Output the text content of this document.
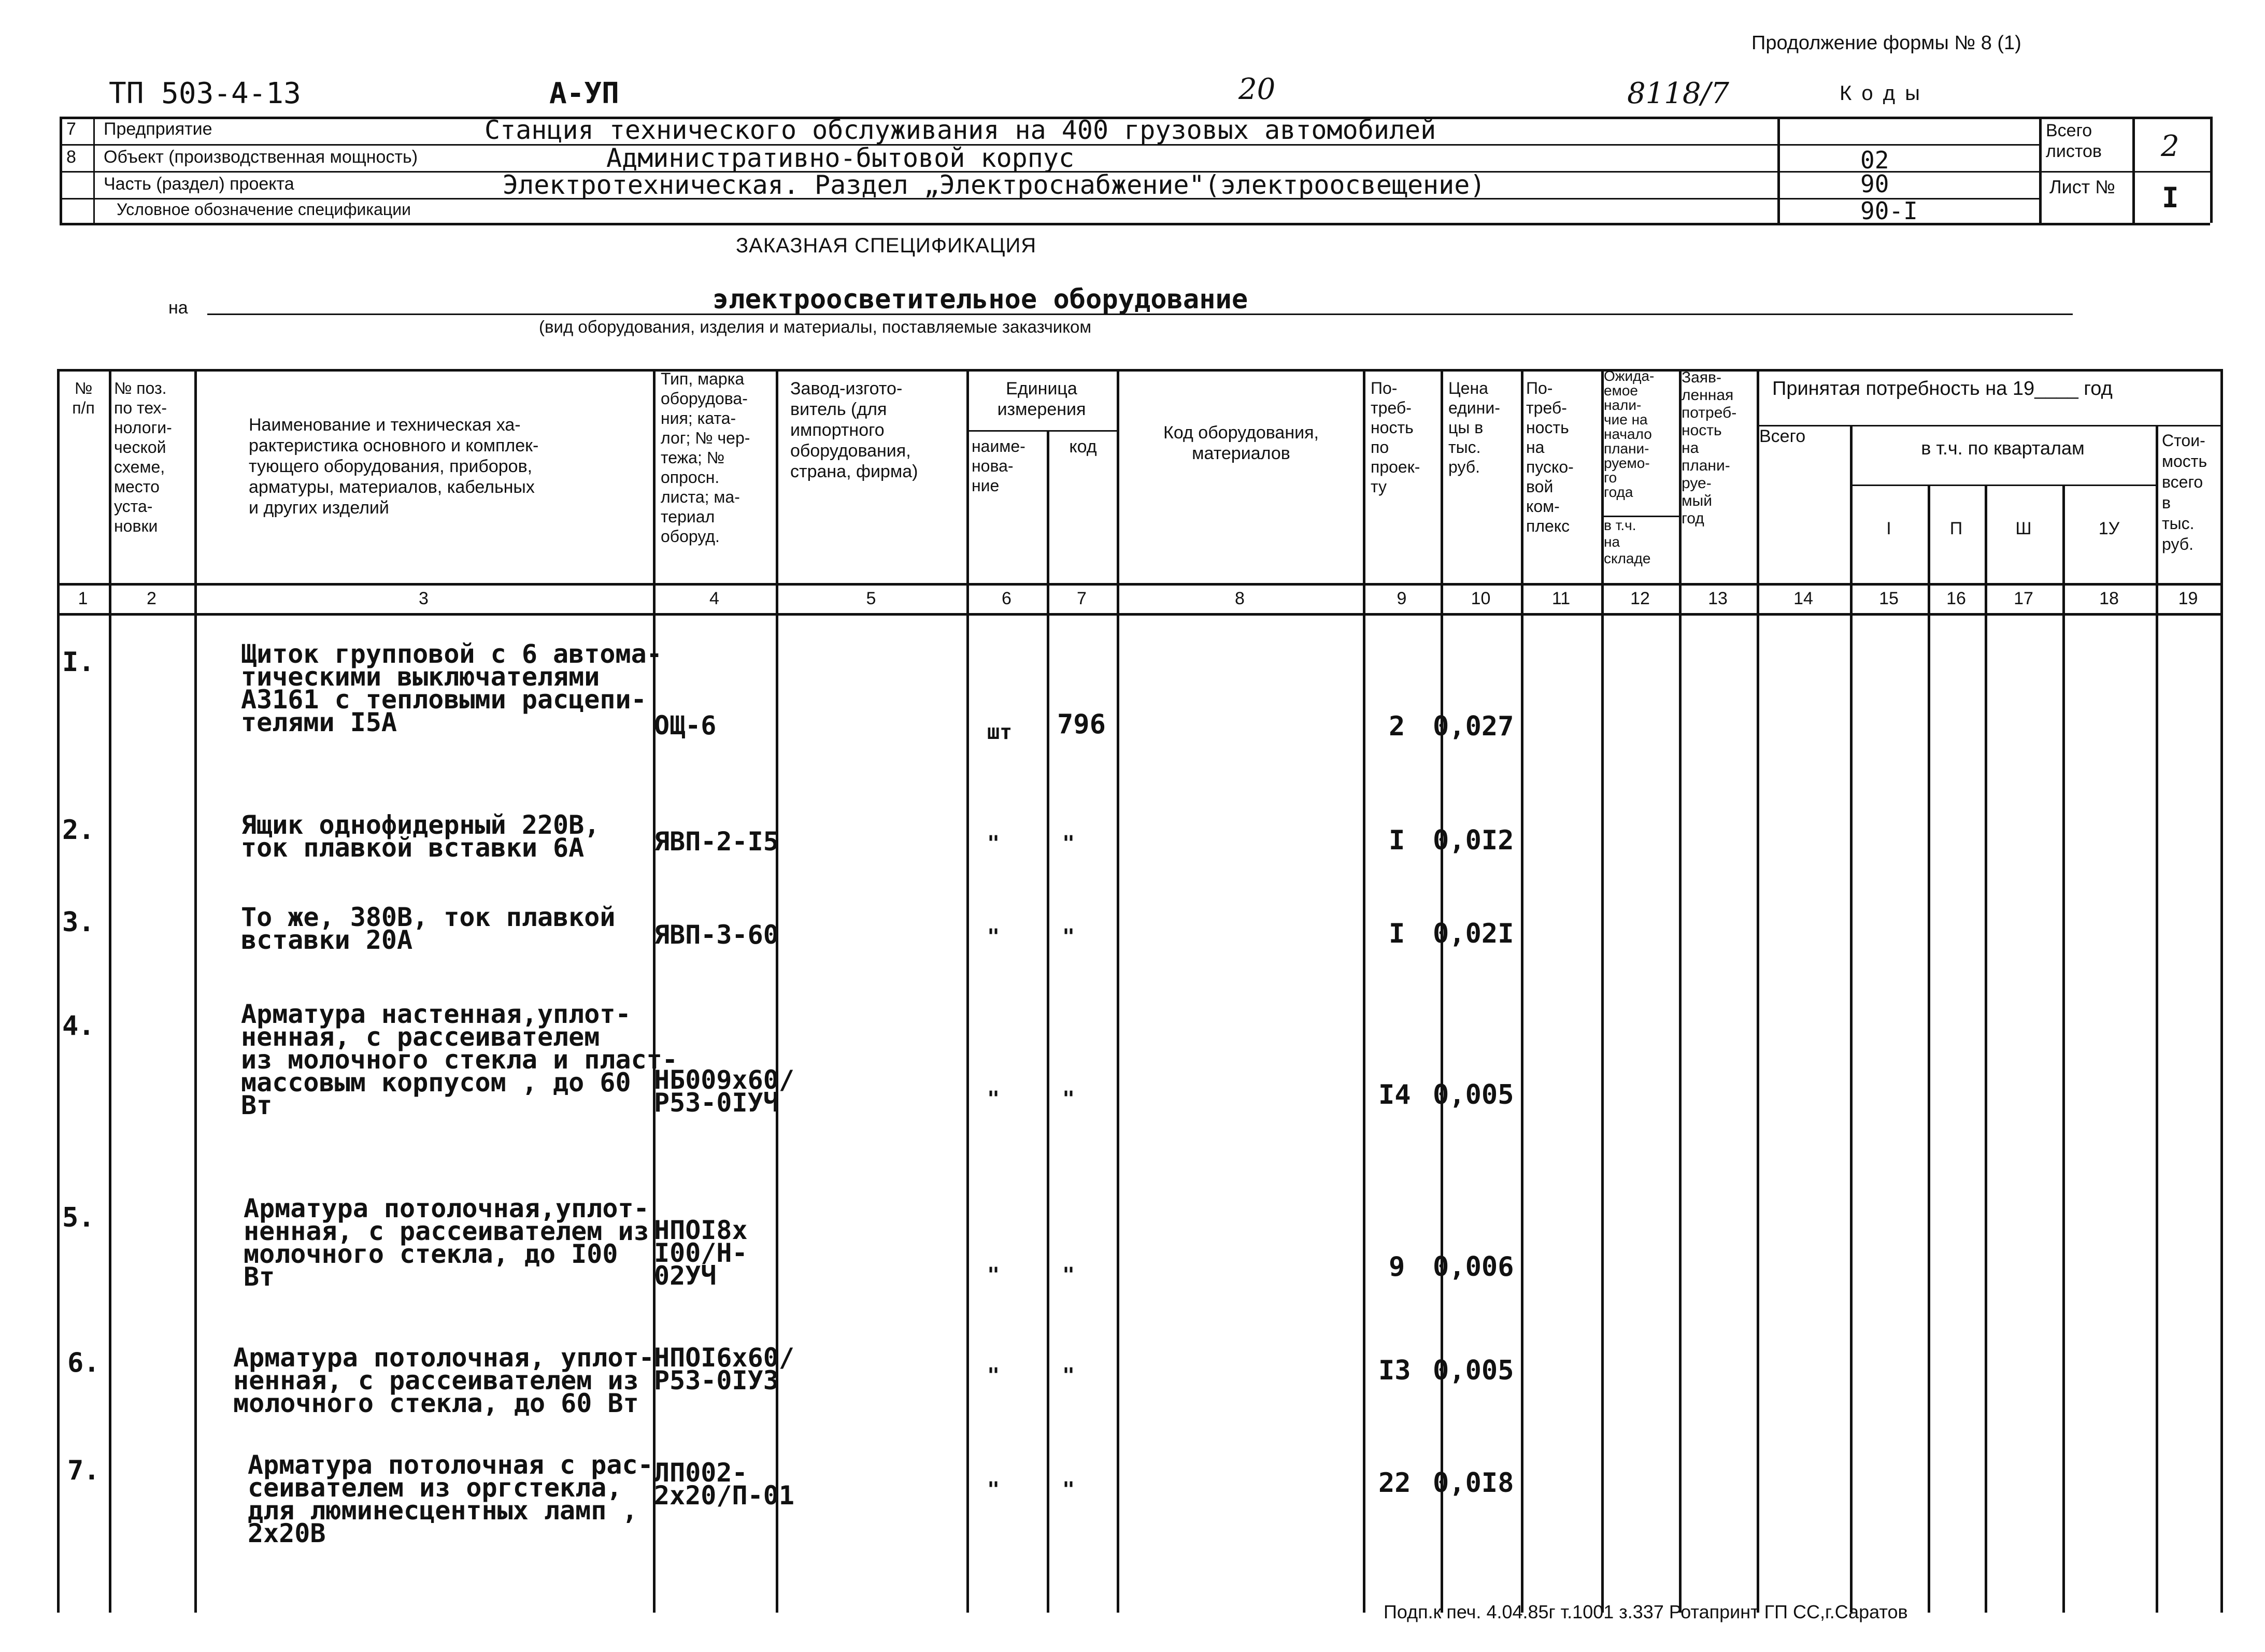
Продолжение формы № 8 (1)
ТП 503-4-13	А-УП	20	8118/7	К о д ы
7 Предприятие	Станция технического обслуживания на 400 грузовых автомобилей
8 Объект (производственная мощность)	Административно-бытовой корпус	02
Часть (раздел) проекта	Электротехническая. Раздел „Электроснабжение"(электроосвещение)	90
Условное обозначение спецификации	90-I
Всего листов	2
Лист № I
ЗАКАЗНАЯ СПЕЦИФИКАЦИЯ
на	электроосветительное оборудование
(вид оборудования, изделия и материалы, поставляемые заказчиком
№
п/п
№ поз.
по тех-
нологи-
ческой
схеме,
место
уста-
новки
Наименование и техническая ха-
рактеристика основного и комплек-
тующего оборудования, приборов,
арматуры, материалов, кабельных
и других изделий
Тип, марка
оборудова-
ния; ката-
лог; № чер-
тежа; №
опросн.
листа; ма-
териал
оборуд.
Завод-изгото-
витель (для
импортного
оборудования,
страна, фирма)
Единица
измерения
наиме-
нова-
ние
код
Код оборудования,
материалов
По-
треб-
ность
по
проек-
ту
Цена
едини-
цы в
тыс.
руб.
По-
треб-
ность
на
пуско-
вой
ком-
плекс
Ожида-
емое
нали-
чие на
начало
плани-
руемо-
го
года
в т.ч.
на
складе
Заяв-
ленная
потреб-
ность
на
плани-
руе-
мый
год
Принятая потребность на 19____ год
Всего
в т.ч. по кварталам
I	П	Ш	1У
Стои-
мость
всего
в
тыс.
руб.
1	2	3	4	5	6	7	8	9	10	11	12	13	14	15	16	17	18	19
I.	Щиток групповой с 6 автома-
тическими выключателями
А3161 с тепловыми расцепи-
телями I5А	ОЩ-6	шт 796	2 0,027
2.	Ящик однофидерный 220В,
ток плавкой вставки 6А	ЯВП-2-I5	"	"	I 0,0I2
3.	То же, 380В, ток плавкой
вставки 20А	ЯВП-3-60	"	"	I 0,02I
4.	Арматура настенная,уплот-
ненная, с рассеивателем
из молочного стекла и пласт-
массовым корпусом , до 60
Вт
НБ009х60/
Р53-0IУЧ	"	"	I4 0,005
5.	Арматура потолочная,уплот-
ненная, с рассеивателем из
молочного стекла, до I00
Вт
НПОI8х
I00/Н-
02УЧ	"	"	9 0,006
6.	Арматура потолочная, уплот-
ненная, с рассеивателем из
молочного стекла, до 60 Вт
НПОI6х60/
Р53-0IУ3	"	"	I3 0,005
7.	Арматура потолочная с рас-
сеивателем из оргстекла,
для люминесцентных ламп ,
2х20В
ЛП002-
2х20/П-01	"	"	22 0,0I8
Подп.к печ. 4.04.85г т.1001 з.337 Ротапринт ГП СС,г.Саратов
